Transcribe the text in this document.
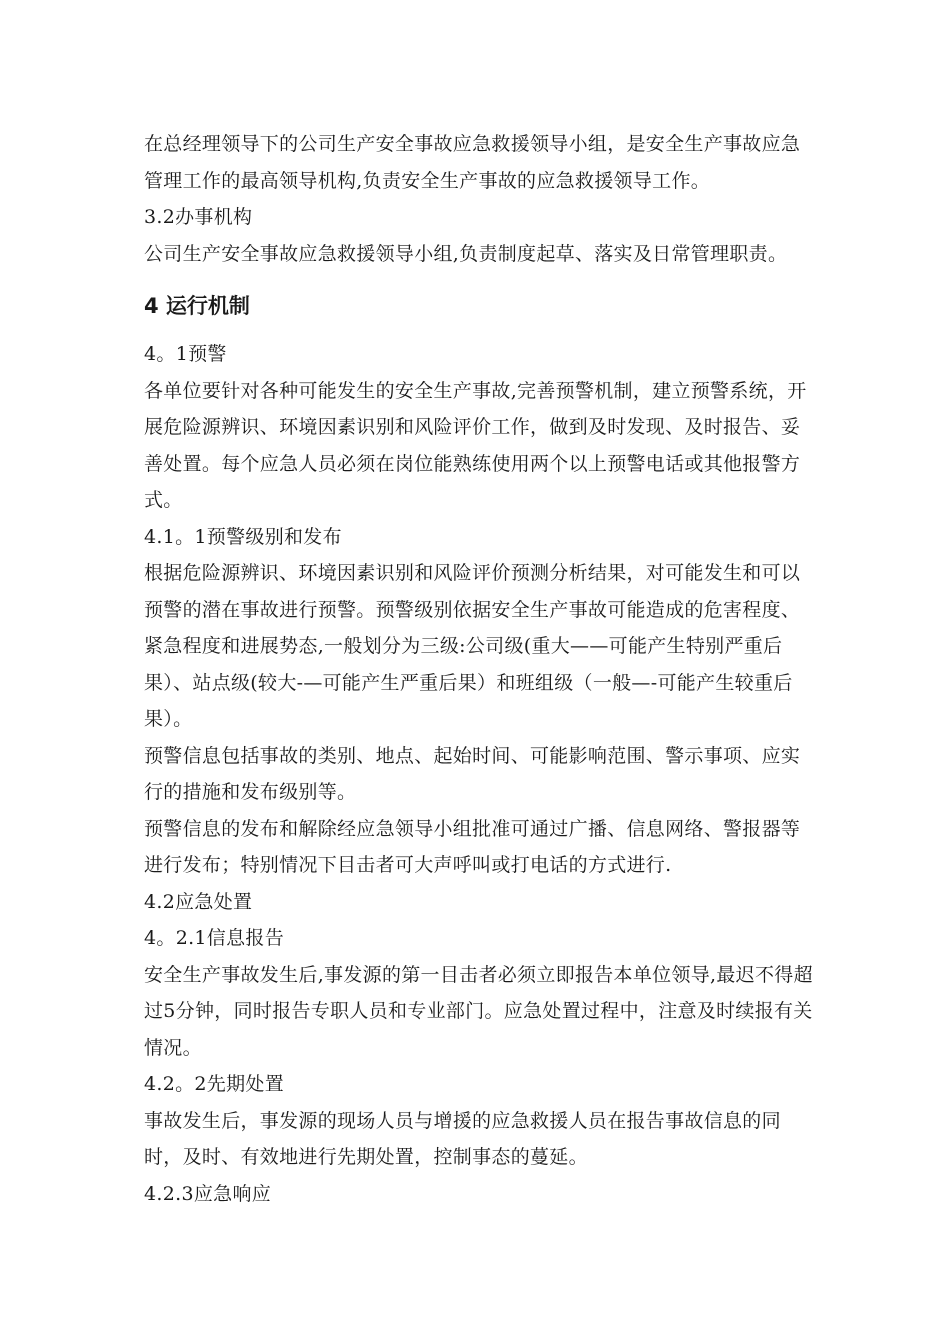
在总经理领导下的公司生产安全事故应急救援领导小组，是安全生产事故应急管理工作的最高领导机构,负责安全生产事故的应急救援领导工作。

3.2办事机构

公司生产安全事故应急救援领导小组,负责制度起草、落实及日常管理职责。

4 运行机制

4。1预警

各单位要针对各种可能发生的安全生产事故,完善预警机制，建立预警系统，开展危险源辨识、环境因素识别和风险评价工作，做到及时发现、及时报告、妥善处置。每个应急人员必须在岗位能熟练使用两个以上预警电话或其他报警方式。

4.1。1预警级别和发布

根据危险源辨识、环境因素识别和风险评价预测分析结果，对可能发生和可以预警的潜在事故进行预警。预警级别依据安全生产事故可能造成的危害程度、紧急程度和进展势态,一般划分为三级:公司级(重大——可能产生特别严重后果）、站点级(较大-—可能产生严重后果）和班组级（一般—-可能产生较重后果）。

预警信息包括事故的类别、地点、起始时间、可能影响范围、警示事项、应实行的措施和发布级别等。

预警信息的发布和解除经应急领导小组批准可通过广播、信息网络、警报器等进行发布；特别情况下目击者可大声呼叫或打电话的方式进行.

4.2应急处置

4。2.1信息报告

安全生产事故发生后,事发源的第一目击者必须立即报告本单位领导,最迟不得超过5分钟，同时报告专职人员和专业部门。应急处置过程中，注意及时续报有关情况。

4.2。2先期处置

事故发生后，事发源的现场人员与增援的应急救援人员在报告事故信息的同时，及时、有效地进行先期处置，控制事态的蔓延。

4.2.3应急响应
